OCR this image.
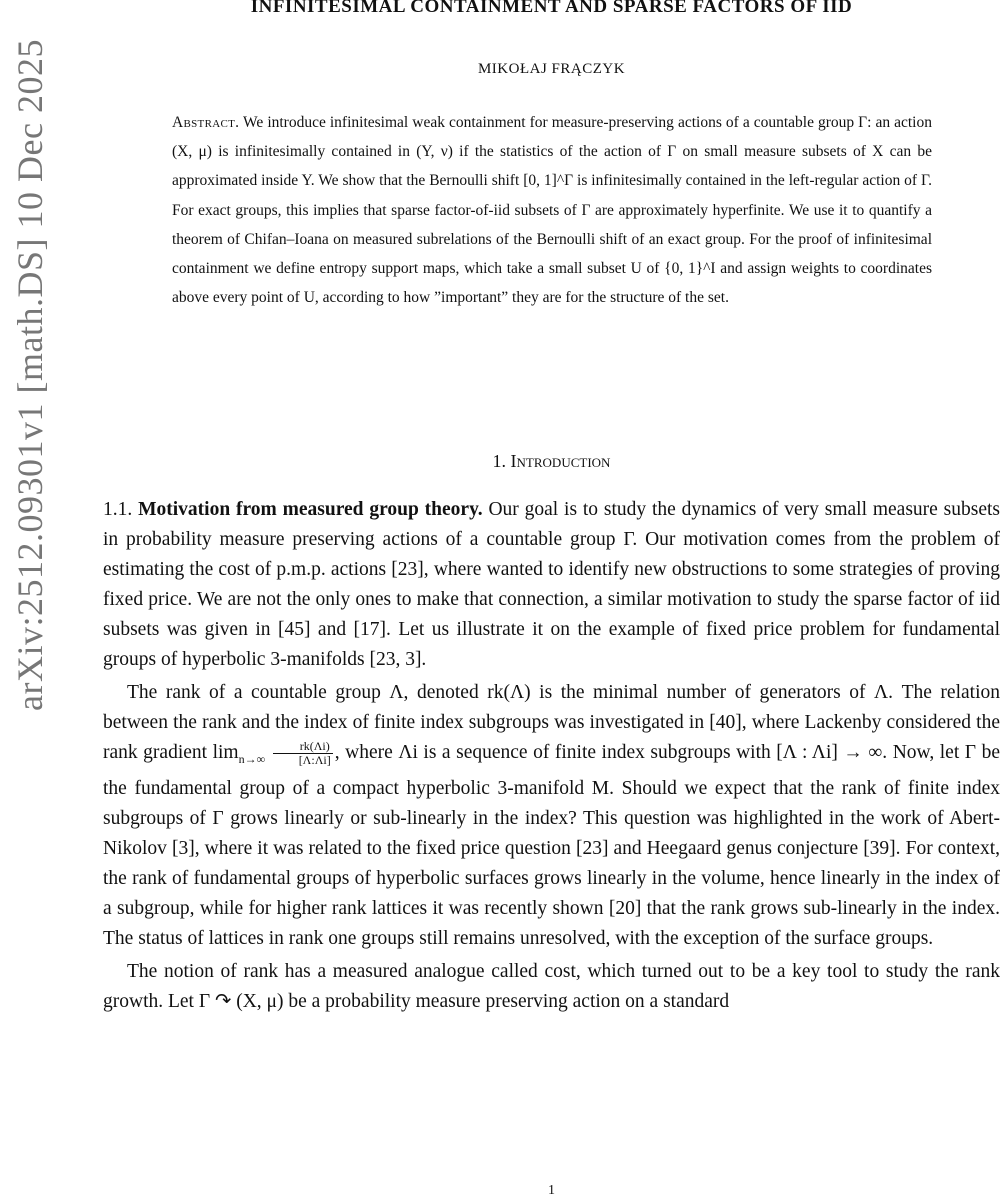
arXiv:2512.09301v1 [math.DS] 10 Dec 2025
INFINITESIMAL CONTAINMENT AND SPARSE FACTORS OF IID
MIKOŁAJ FRĄCZYK
Abstract. We introduce infinitesimal weak containment for measure-preserving actions of a countable group Γ: an action (X, μ) is infinitesimally contained in (Y, ν) if the statistics of the action of Γ on small measure subsets of X can be approximated inside Y. We show that the Bernoulli shift [0, 1]^Γ is infinitesimally contained in the left-regular action of Γ. For exact groups, this implies that sparse factor-of-iid subsets of Γ are approximately hyperfinite. We use it to quantify a theorem of Chifan–Ioana on measured subrelations of the Bernoulli shift of an exact group. For the proof of infinitesimal containment we define entropy support maps, which take a small subset U of {0, 1}^I and assign weights to coordinates above every point of U, according to how ”important” they are for the structure of the set.
1. Introduction

1.1. Motivation from measured group theory. Our goal is to study the dynamics of very small measure subsets in probability measure preserving actions of a countable group Γ. Our motivation comes from the problem of estimating the cost of p.m.p. actions [23], where wanted to identify new obstructions to some strategies of proving fixed price. We are not the only ones to make that connection, a similar motivation to study the sparse factor of iid subsets was given in [45] and [17]. Let us illustrate it on the example of fixed price problem for fundamental groups of hyperbolic 3-manifolds [23, 3].

The rank of a countable group Λ, denoted rk(Λ) is the minimal number of generators of Λ. The relation between the rank and the index of finite index subgroups was investigated in [40], where Lackenby considered the rank gradient $\lim_{n\to\infty} \frac{rk(\Lambda i)}{[\Lambda:\Lambda i]}$ , where Λi is a sequence of finite index subgroups with [Λ : Λi] → ∞. Now, let Γ be the fundamental group of a compact hyperbolic 3-manifold M. Should we expect that the rank of finite index subgroups of Γ grows linearly or sub-linearly in the index? This question was highlighted in the work of Abert-Nikolov [3], where it was related to the fixed price question [23] and Heegaard genus conjecture [39]. For context, the rank of fundamental groups of hyperbolic surfaces grows linearly in the volume, hence linearly in the index of a subgroup, while for higher rank lattices it was recently shown [20] that the rank grows sub-linearly in the index. The status of lattices in rank one groups still remains unresolved, with the exception of the surface groups.

The notion of rank has a measured analogue called cost, which turned out to be a key tool to study the rank growth. Let Γ ↷ (X, μ) be a probability measure preserving action on a standard

1
